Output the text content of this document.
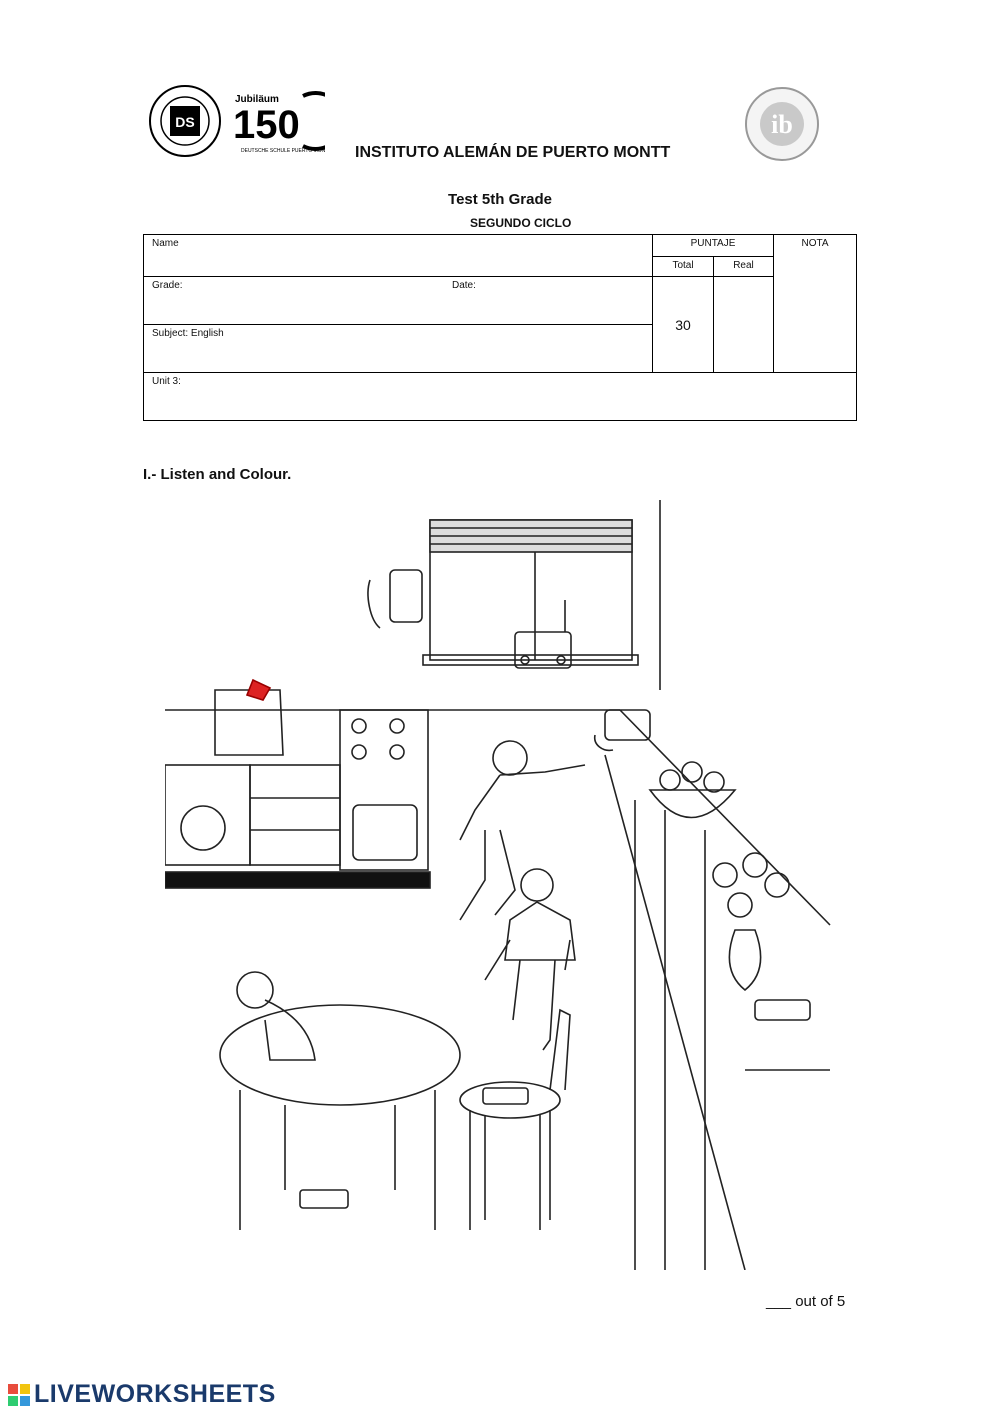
DS
Jubiläum
150
DEUTSCHE SCHULE PUERTO MONTT
ib
INSTITUTO ALEMÁN DE PUERTO MONTT
Test 5th Grade
SEGUNDO CICLO
Name		PUNTAJE		NOTA
		Total	Real	
Grade:	Date:	30		
Subject: English				
Unit 3:				
I.- Listen and Colour.
___ out of 5
LIVEWORKSHEETS
